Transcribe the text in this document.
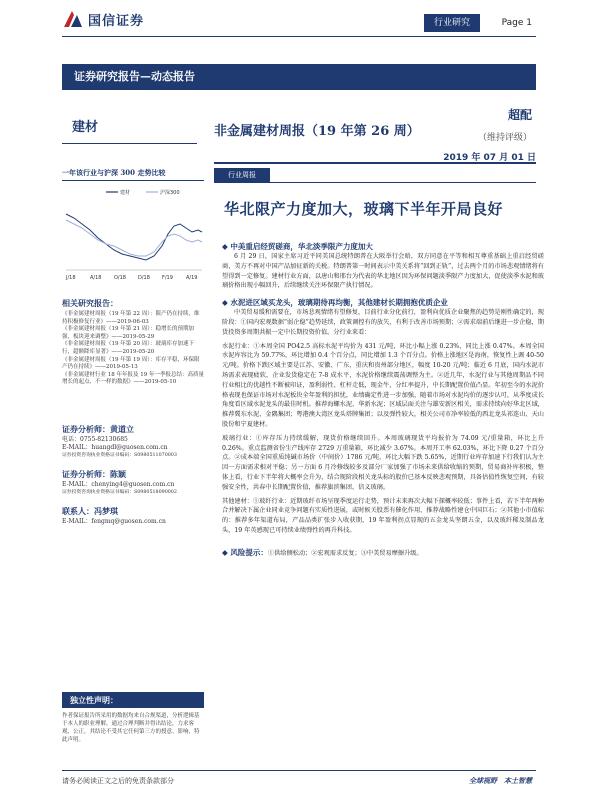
国信证券	行业研究	Page 1
证券研究报告—动态报告
建材	非金属建材周报（19 年第 26 周）
超配
（维持评级）
2019 年 07 月 01 日
一年该行业与沪深 300 走势比较
建材	沪深300
J/18	A/18	O/18 D/18 F/19	A/19
相关研究报告：
《非金属建材周报（19 年第 22 周）：限产仍在持续，维持积极修复行业》——2019-06-03
《非金属建材周报（19 年第 21 周）：稳增长的预期加强，板块迎来调整》——2019-05-29
《非金属建材周报（19 年第 20 周）：玻璃库存加速下行，超额降库显著》——2019-05-20
《非金属建材周报（19 年第 19 周）：库存平稳，环保限产仍在持续》——2019-05-13
《非金属建材行业 18 年年报及 19 年一季报总结：高质量增长的起点、不一样的数据》——2019-05-10
证券分析师：黄道立
电话：0755-82130685
E-MAIL：huangdl@guosen.com.cn
证券投资咨询执业资格证书编码：S0980511070003
证券分析师：陈颖
E-MAIL：chenying4@guosen.com.cn
证券投资咨询执业资格证书编码：S0980518090002
联系人：冯梦琪
E-MAIL：fengmq@guosen.com.cn
独立性声明：
作者保证报告所采用的数据均来自合规渠道，分析逻辑基于本人的职业理解，通过合理判断并得出结论，力求客观、公正，其结论不受其它任何第三方的授意、影响，特此声明。
行业周报
华北限产力度加大，玻璃下半年开局良好
◆ 中美重启经贸磋商，华北淡季限产力度加大
6 月 29 日，国家主席习近平同美国总统特朗普在大阪举行会晤，双方同意在平等和相互尊重基础上重启经贸磋商，美方不再对中国产品加征新的关税。特朗普第一时间表示中美关系将“回到正轨”，过去两个月的市场悲观情绪将有望得到一定修复。建材行业方面，以唐山和邢台为代表的华北地区因为环保问题淡季限产力度加大，促使淡季水泥和玻璃价格出现小幅回升，后续继续关注环保限产执行情况。
◆ 水泥进区域买龙头，玻璃期待再均衡，其他建材长期拥抱优质企业
中美贸易缓和需要在，市场悲观情绪有望修复，目前行业分化前行，盈利向优质企业聚焦的趋势是刚性确定的，现阶段：①国内宏观数据“弱企稳”趋势延续，政策调控有的放矢，有利于改善市场预期；②需求端前后继进一步企稳，期货投资多周期共振一定中长期投资价值。分行业来看：
水泥行业：①本周全国 PO42.5 高标水泥平均价为 431 元/吨，环比小幅上涨 0.23%，同比上涨 0.47%。本周全国水泥库容比为 59.77%，环比增加 0.4 个百分点，同比增加 1.3 个百分点。价格上涨地区是海南，恢复性上调 40-50 元/吨。价格下跌区域主要是江苏、安徽、广东、重庆和贵州部分地区，幅度 10-20 元/吨；临近 6 月底，国内水泥市场需求表现疲软，企业发货稳定在 7-8 成水平，水泥价格继续震荡调整为主。②近几年，水泥行业与其他周期品不同行业相比的优越性不断被印证，盈利弱性、杠杆走低，现金牛，分红率提升，中长期配置价值凸显。年初至今的水泥价格表现也保证市场对水泥板块全年盈利的担忧，业绩确定性进一步加强，随着市场对水泥均价的逐步认可，从季度成长角度看区域水泥龙头的最佳时机。推荐海螺水泥、华新水泥；区域层面关注与雄安新区相关，需求持续向好华北区域，推荐冀东水泥、金隅集团；粤港澳大湾区龙头塔牌集团；以及弹性较大，相关公司市净率较低的西北龙头祁连山、天山股份和宁夏建材。
玻璃行业：①库存压力持续缓解，现货价格继续回升。本周玻璃现货平均报价为 74.09 元/重量箱，环比上升 0.26%。重点监测省份生产线库存 2729 万重量箱，环比减少 3.67%。本周开工率 62.03%，环比下降 0.27 个百分点。②成本端全国重质纯碱市场价（中间价）1786 元/吨，环比大幅下跌 5.65%，近期行业库存加速下行我们认为主因一方面需求相对平稳；另一方面 6 月冷修线较多及部分厂家加强了市场未来供给收缩的预期，贸易商补库积极，整体上看，行业下半年将大概率会升为，结合现阶段相关龙头标的股价已基本反映悲观预期，具备估值性恢复空间，有较强安全性，共春中长期配置价值，推荐旗滨集团、信义玻璃。
其他建材：①玻纤行业：近期玻纤市场呈现季度运行走势，预计未来再次大幅下探概率较低；事件上看，若下半年两种合并解决下属企业同业竞争问题有实质性进展，或时候关股票有催化作用，推荐战略性建仓中国巨石；②其他小市值标的：推荐多年渠道布局，产品品类扩张步入收获期，19 年盈利拐点显现的五金龙头坚朗五金，以及玻纤稀及制品龙头，19 年英感现已可持续业绩弹性的再升科技。
◆ 风险提示：①供给侧松动；②宏观需求反复；③中美贸易摩擦升级。
请务必阅读正文之后的免责条款部分	全球视野　本土智慧
